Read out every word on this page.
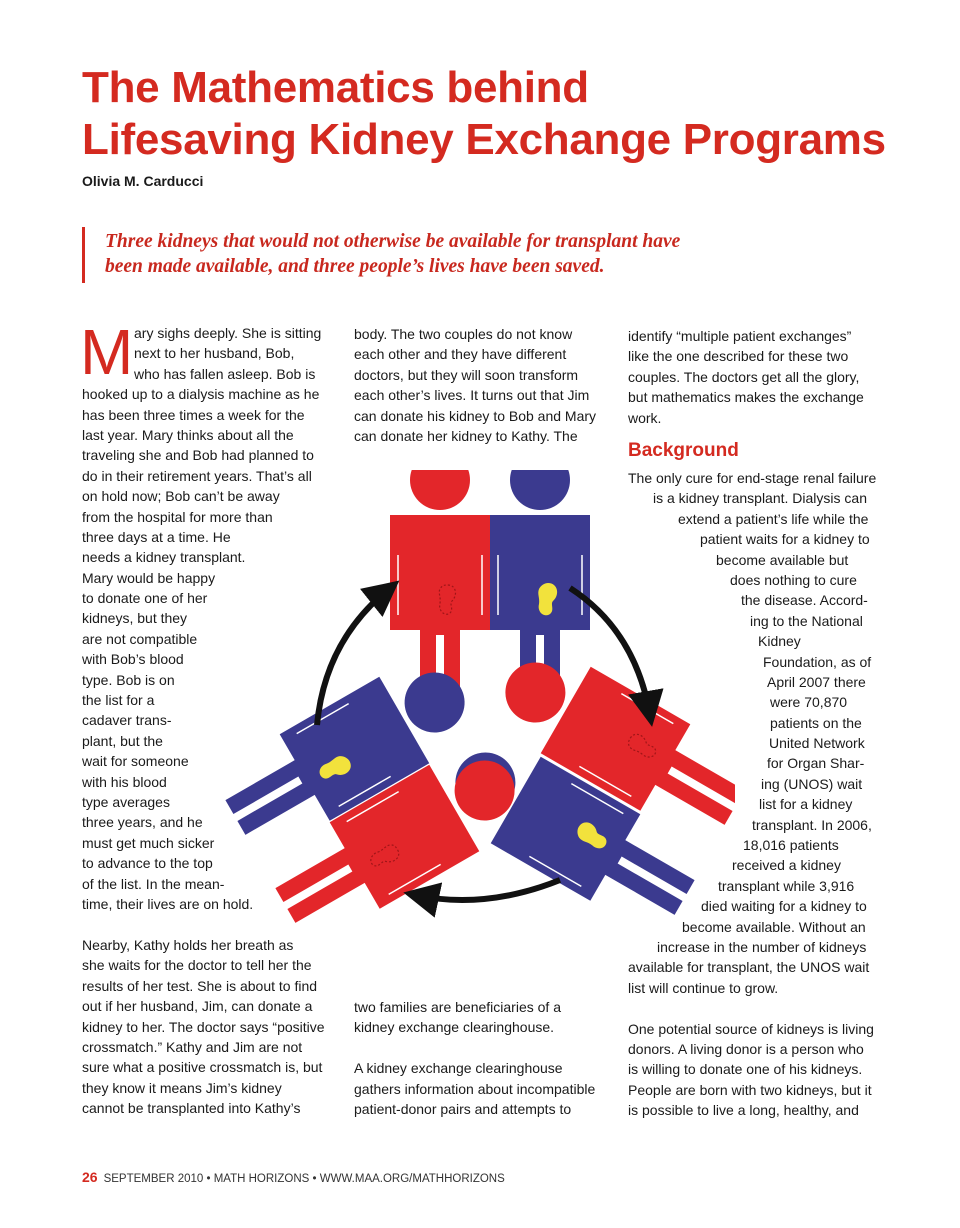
The Mathematics behind
Lifesaving Kidney Exchange Programs
Olivia M. Carducci
Three kidneys that would not otherwise be available for transplant have
been made available, and three people’s lives have been saved.
M ary sighs deeply. She is sitting
next to her husband, Bob,
who has fallen asleep. Bob is
hooked up to a dialysis machine as he
has been three times a week for the
last year. Mary thinks about all the
traveling she and Bob had planned to
do in their retirement years. That’s all
on hold now; Bob can’t be away
from the hospital for more than
three days at a time. He
needs a kidney transplant.
Mary would be happy
to donate one of her
kidneys, but they
are not compatible
with Bob’s blood
type. Bob is on
the list for a
cadaver trans-
plant, but the
wait for someone
with his blood
type averages
three years, and he
must get much sicker
to advance to the top
of the list. In the mean-
time, their lives are on hold.
Nearby, Kathy holds her breath as
she waits for the doctor to tell her the
results of her test. She is about to find
out if her husband, Jim, can donate a
kidney to her. The doctor says “positive
crossmatch.” Kathy and Jim are not
sure what a positive crossmatch is, but
they know it means Jim’s kidney
cannot be transplanted into Kathy’s
body. The two couples do not know
each other and they have different
doctors, but they will soon transform
each other’s lives. It turns out that Jim
can donate his kidney to Bob and Mary
can donate her kidney to Kathy. The
two families are beneficiaries of a
kidney exchange clearinghouse.
A kidney exchange clearinghouse
gathers information about incompatible
patient-donor pairs and attempts to
identify “multiple patient exchanges”
like the one described for these two
couples. The doctors get all the glory,
but mathematics makes the exchange
work.
Background
The only cure for end-stage renal failure
is a kidney transplant. Dialysis can
extend a patient’s life while the
patient waits for a kidney to
become available but
does nothing to cure
the disease. Accord-
ing to the National
Kidney
Foundation, as of
April 2007 there
were 70,870
patients on the
United Network
for Organ Shar-
ing (UNOS) wait
list for a kidney
transplant. In 2006,
18,016 patients
received a kidney
transplant while 3,916
died waiting for a kidney to
become available. Without an
increase in the number of kidneys
available for transplant, the UNOS wait
list will continue to grow.
One potential source of kidneys is living
donors. A living donor is a person who
is willing to donate one of his kidneys.
People are born with two kidneys, but it
is possible to live a long, healthy, and
26 SEPTEMBER 2010 • MATH HORIZONS • WWW.MAA.ORG/MATHHORIZONS
